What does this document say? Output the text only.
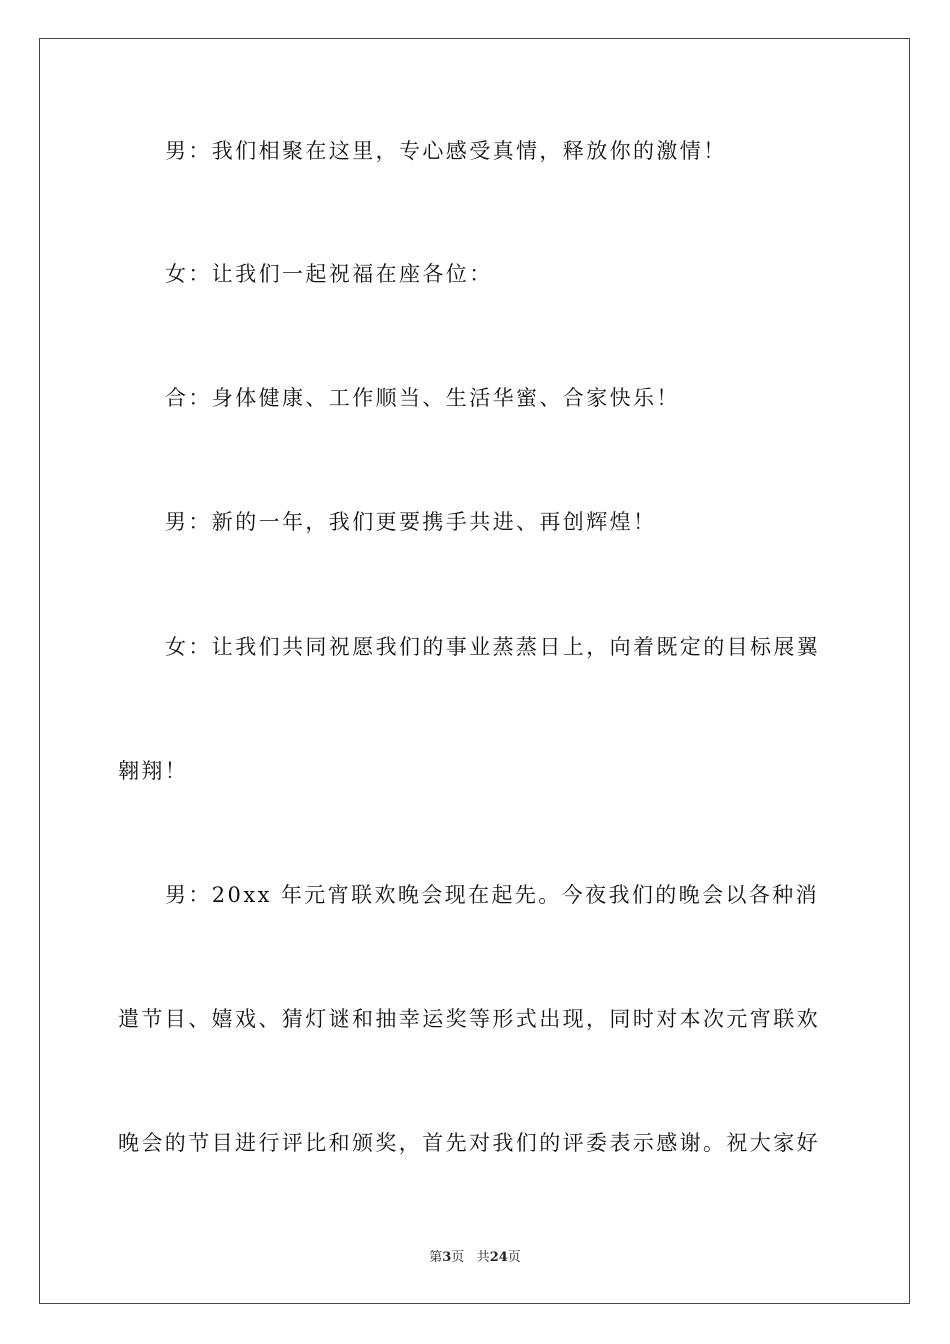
男：我们相聚在这里，专心感受真情，释放你的激情！
女：让我们一起祝福在座各位：
合：身体健康、工作顺当、生活华蜜、合家快乐！
男：新的一年，我们更要携手共进、再创辉煌！
女：让我们共同祝愿我们的事业蒸蒸日上，向着既定的目标展翼
翱翔！
男：20xx 年元宵联欢晚会现在起先。今夜我们的晚会以各种消
遣节目、嬉戏、猜灯谜和抽幸运奖等形式出现，同时对本次元宵联欢
晚会的节目进行评比和颁奖，首先对我们的评委表示感谢。祝大家好
第3页 共24页
